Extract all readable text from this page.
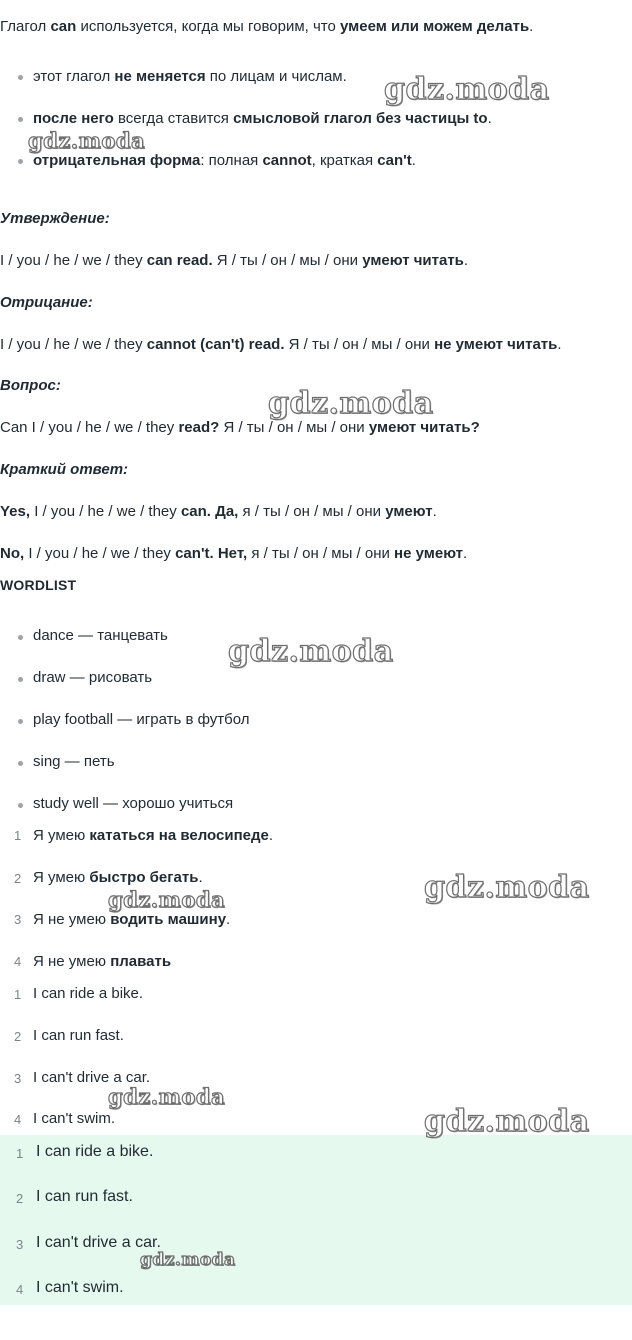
Глагол can используется, когда мы говорим, что умеем или можем делать.
этот глагол не меняется по лицам и числам.
после него всегда ставится смысловой глагол без частицы to.
отрицательная форма: полная cannot, краткая can't.
Утверждение:
I / you / he / we / they can read. Я / ты / он / мы / они умеют читать.
Отрицание:
I / you / he / we / they cannot (can't) read. Я / ты / он / мы / они не умеют читать.
Вопрос:
Can I / you / he / we / they read? Я / ты / он / мы / они умеют читать?
Краткий ответ:
Yes, I / you / he / we / they can. Да, я / ты / он / мы / они умеют.
No, I / you / he / we / they can't. Нет, я / ты / он / мы / они не умеют.
WORDLIST
dance — танцевать
draw — рисовать
play football — играть в футбол
sing — петь
study well — хорошо учиться
1 Я умею кататься на велосипеде.
2 Я умею быстро бегать.
3 Я не умею водить машину.
4 Я не умею плавать
1 I can ride a bike.
2 I can run fast.
3 I can't drive a car.
4 I can't swim.
1 I can ride a bike.
2 I can run fast.
3 I can't drive a car.
4 I can't swim.
gdz.moda
gdz.moda
gdz.moda
gdz.moda
gdz.moda
gdz.moda
gdz.moda
gdz.moda
gdz.moda
